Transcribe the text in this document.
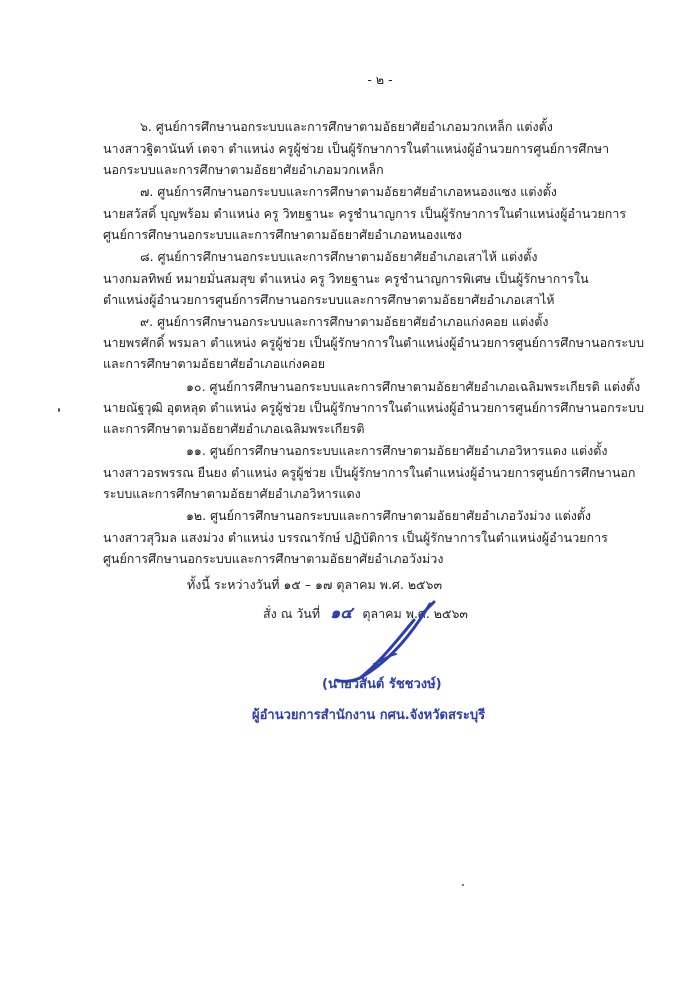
- ๒ -
๖. ศูนย์การศึกษานอกระบบและการศึกษาตามอัธยาศัยอำเภอมวกเหล็ก แต่งตั้ง
นางสาวฐิตานันท์ เตจา ตำแหน่ง ครูผู้ช่วย เป็นผู้รักษาการในตำแหน่งผู้อำนวยการศูนย์การศึกษา
นอกระบบและการศึกษาตามอัธยาศัยอำเภอมวกเหล็ก
๗. ศูนย์การศึกษานอกระบบและการศึกษาตามอัธยาศัยอำเภอหนองแซง แต่งตั้ง
นายสวัสดิ์ บุญพร้อม ตำแหน่ง ครู วิทยฐานะ ครูชำนาญการ เป็นผู้รักษาการในตำแหน่งผู้อำนวยการ
ศูนย์การศึกษานอกระบบและการศึกษาตามอัธยาศัยอำเภอหนองแซง
๘. ศูนย์การศึกษานอกระบบและการศึกษาตามอัธยาศัยอำเภอเสาไห้ แต่งตั้ง
นางกมลทิพย์ หมายมั่นสมสุข ตำแหน่ง ครู วิทยฐานะ ครูชำนาญการพิเศษ เป็นผู้รักษาการใน
ตำแหน่งผู้อำนวยการศูนย์การศึกษานอกระบบและการศึกษาตามอัธยาศัยอำเภอเสาไห้
๙. ศูนย์การศึกษานอกระบบและการศึกษาตามอัธยาศัยอำเภอแก่งคอย แต่งตั้ง
นายพรศักดิ์ พรมลา ตำแหน่ง ครูผู้ช่วย เป็นผู้รักษาการในตำแหน่งผู้อำนวยการศูนย์การศึกษานอกระบบ
และการศึกษาตามอัธยาศัยอำเภอแก่งคอย
๑๐. ศูนย์การศึกษานอกระบบและการศึกษาตามอัธยาศัยอำเภอเฉลิมพระเกียรติ แต่งตั้ง
นายณัฐวุฒิ อุตหลุด ตำแหน่ง ครูผู้ช่วย เป็นผู้รักษาการในตำแหน่งผู้อำนวยการศูนย์การศึกษานอกระบบ
และการศึกษาตามอัธยาศัยอำเภอเฉลิมพระเกียรติ
๑๑. ศูนย์การศึกษานอกระบบและการศึกษาตามอัธยาศัยอำเภอวิหารแดง แต่งตั้ง
นางสาวอรพรรณ ยืนยง ตำแหน่ง ครูผู้ช่วย เป็นผู้รักษาการในตำแหน่งผู้อำนวยการศูนย์การศึกษานอก
ระบบและการศึกษาตามอัธยาศัยอำเภอวิหารแดง
๑๒. ศูนย์การศึกษานอกระบบและการศึกษาตามอัธยาศัยอำเภอวังม่วง แต่งตั้ง
นางสาวสุวิมล แสงม่วง ตำแหน่ง บรรณารักษ์ ปฏิบัติการ เป็นผู้รักษาการในตำแหน่งผู้อำนวยการ
ศูนย์การศึกษานอกระบบและการศึกษาตามอัธยาศัยอำเภอวังม่วง
ทั้งนี้ ระหว่างวันที่ ๑๕ – ๑๗ ตุลาคม พ.ศ. ๒๕๖๓
สั่ง ณ วันที่ ๑๔ ตุลาคม พ.ศ. ๒๕๖๓
(นายวสันต์ รัชชวงษ์)
ผู้อำนวยการสำนักงาน กศน.จังหวัดสระบุรี
